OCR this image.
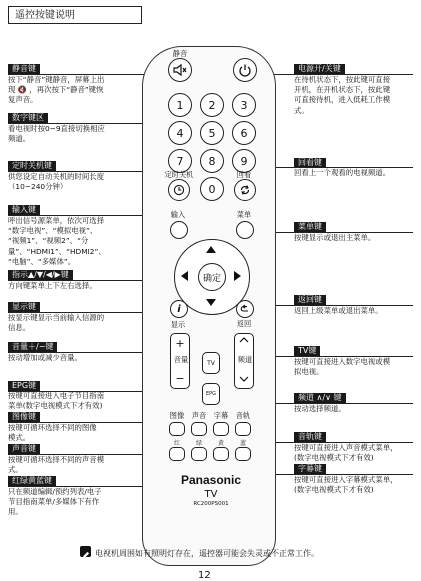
遥控按键说明
静音键
按下“静音”键静音，屏幕上出
现 🔇 ，再次按下“静音”键恢
复声音。
数字键区
看电视时按0~9直接切换相应
频道。
定时关机键
供您设定自动关机的时间长度
（10~240分钟）
输入键
呼出信号源菜单，依次可选择
“数字电视”、“模拟电视”、
“视频1”、“视频2”、“分
量”、“HDMI1”、“HDMI2”、
“电脑”、“多媒体”。
指示▲/▼/◀/▶键
方向键菜单上下左右选择。
显示键
按显示键显示当前输入信源的
信息。
音量＋/−键
按动增加或减少音量。
EPG键
按键可直接进入电子节目指南
菜单(数字电视模式下才有效)
图像键
按键可循环选择不同的图像
模式。
声音键
按键可循环选择不同的声音模
式。
红绿黄蓝键
只在频道编辑/预约列表/电子
节目指南菜单/多媒体下有作
用。
电源开/关键
在待机状态下，按此键可直接
开机，在开机状态下，按此键
可直接待机，进入低耗工作模
式。
回看键
回看上一个观看的电视频道。
菜单键
按键显示或退出主菜单。
返回键
返回上级菜单或退出菜单。
TV键
按键可直接进入数字电视或模
拟电视。
频道 ∧/∨ 键
按动选择频道。
音轨键
按键可直接进入声音模式菜单，
(数字电视模式下才有效)
字幕键
按键可直接进入字幕模式菜单，
(数字电视模式下才有效)
静音
1	2	3
4	5	6
7	8	9
0
定时关机	回看
输入	菜单
确定
i
显示	返回
+
音量
−
TV
EPG
频道
图像	声音	字幕	音轨
红	绿	黄	蓝
Panasonic
TV
RC200PS001
电视机周围如有照明灯存在，遥控器可能会失灵或不正常工作。
12
